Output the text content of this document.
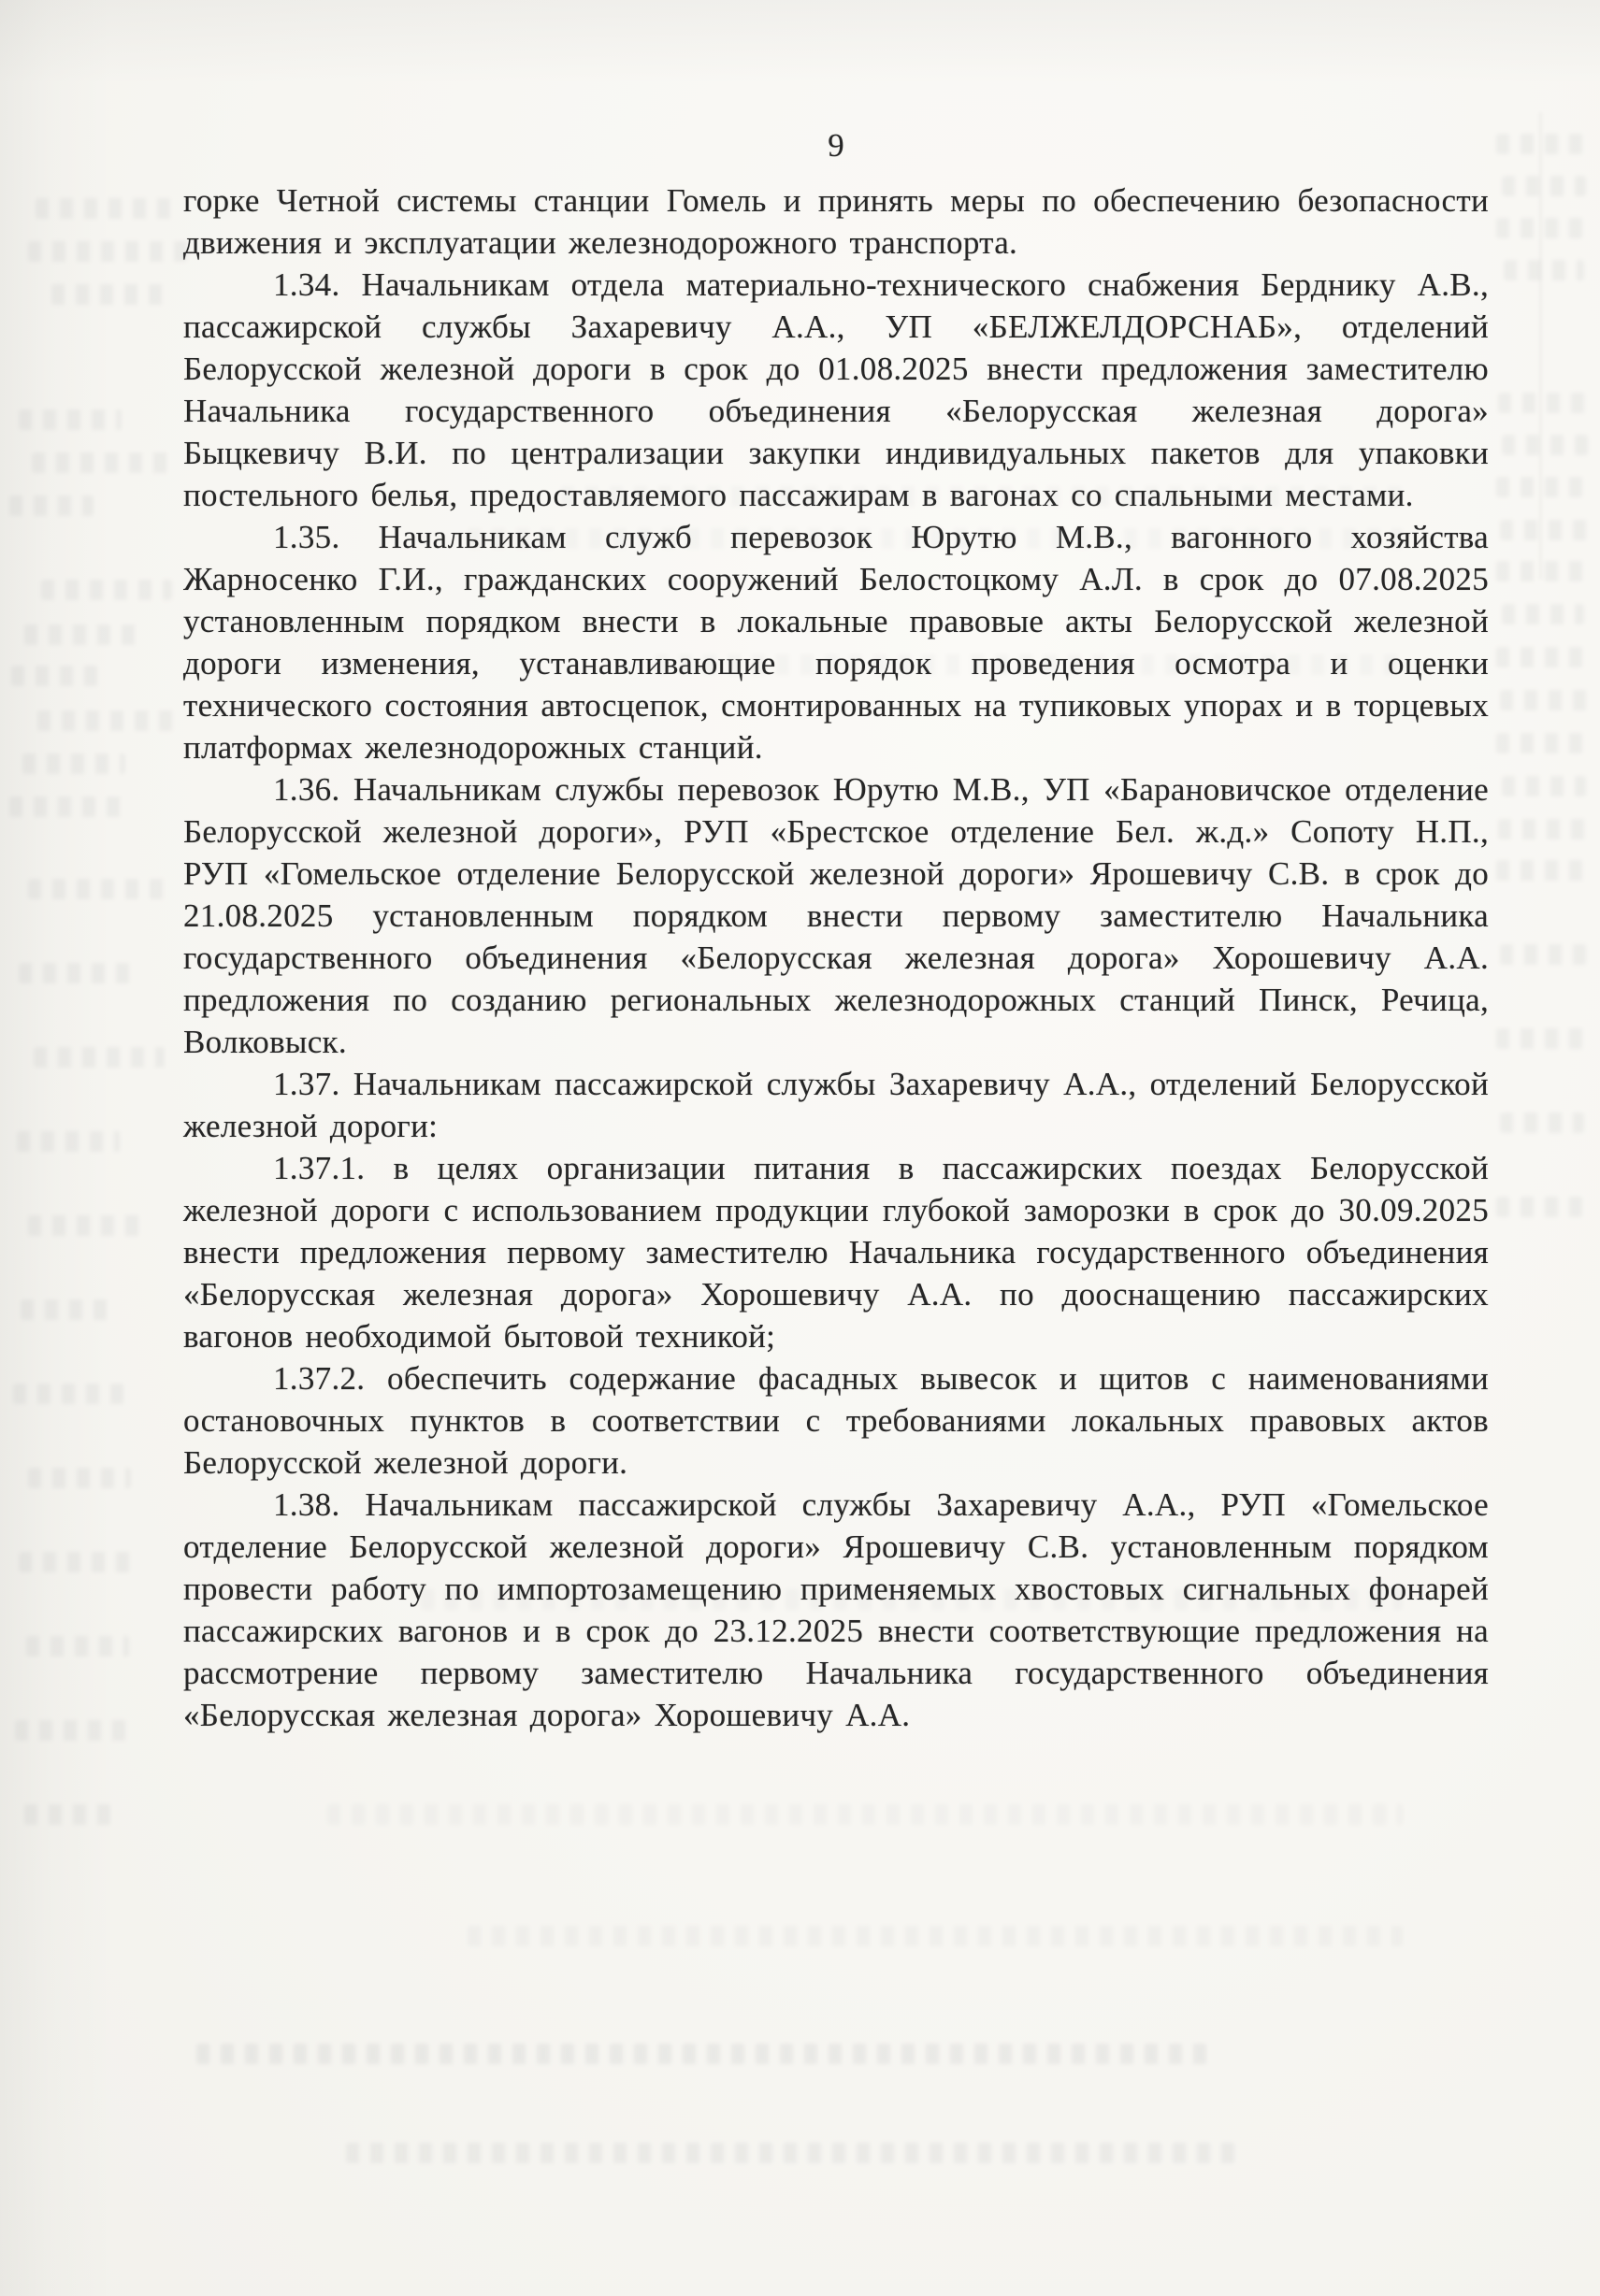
9

горке Четной системы станции Гомель и принять меры по обеспечению безопасности движения и эксплуатации железнодорожного транспорта.

1.34. Начальникам отдела материально-технического снабжения Берднику А.В., пассажирской службы Захаревичу А.А., УП «БЕЛЖЕЛДОРСНАБ», отделений Белорусской железной дороги в срок до 01.08.2025 внести предложения заместителю Начальника государственного объединения «Белорусская железная дорога» Быцкевичу В.И. по централизации закупки индивидуальных пакетов для упаковки постельного белья, предоставляемого пассажирам в вагонах со спальными местами.

1.35. Начальникам служб перевозок Юрутю М.В., вагонного хозяйства Жарносенко Г.И., гражданских сооружений Белостоцкому А.Л. в срок до 07.08.2025 установленным порядком внести в локальные правовые акты Белорусской железной дороги изменения, устанавливающие порядок проведения осмотра и оценки технического состояния автосцепок, смонтированных на тупиковых упорах и в торцевых платформах железнодорожных станций.

1.36. Начальникам службы перевозок Юрутю М.В., УП «Барановичское отделение Белорусской железной дороги», РУП «Брестское отделение Бел. ж.д.» Сопоту Н.П., РУП «Гомельское отделение Белорусской железной дороги» Ярошевичу С.В. в срок до 21.08.2025 установленным порядком внести первому заместителю Начальника государственного объединения «Белорусская железная дорога» Хорошевичу А.А. предложения по созданию региональных железнодорожных станций Пинск, Речица, Волковыск.

1.37. Начальникам пассажирской службы Захаревичу А.А., отделений Белорусской железной дороги:

1.37.1. в целях организации питания в пассажирских поездах Белорусской железной дороги с использованием продукции глубокой заморозки в срок до 30.09.2025 внести предложения первому заместителю Начальника государственного объединения «Белорусская железная дорога» Хорошевичу А.А. по дооснащению пассажирских вагонов необходимой бытовой техникой;

1.37.2. обеспечить содержание фасадных вывесок и щитов с наименованиями остановочных пунктов в соответствии с требованиями локальных правовых актов Белорусской железной дороги.

1.38. Начальникам пассажирской службы Захаревичу А.А., РУП «Гомельское отделение Белорусской железной дороги» Ярошевичу С.В. установленным порядком провести работу по импортозамещению применяемых хвостовых сигнальных фонарей пассажирских вагонов и в срок до 23.12.2025 внести соответствующие предложения на рассмотрение первому заместителю Начальника государственного объединения «Белорусская железная дорога» Хорошевичу А.А.
